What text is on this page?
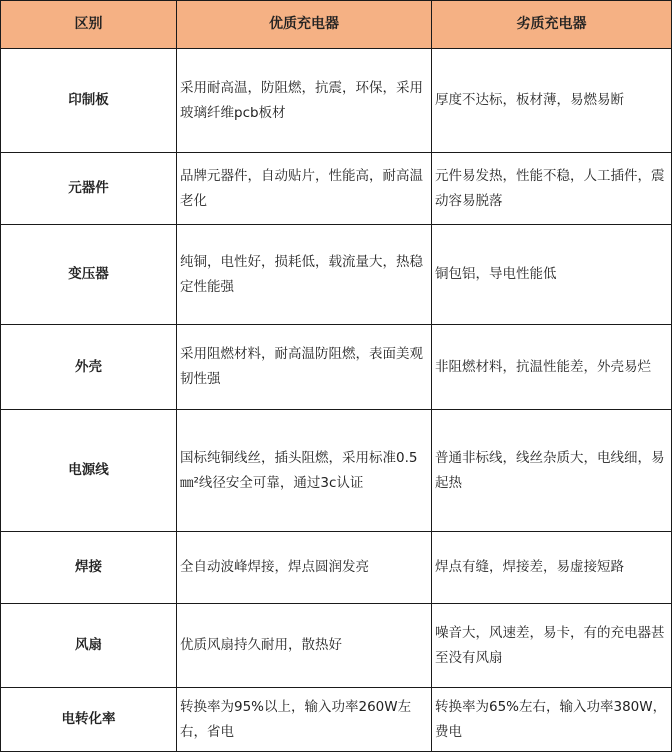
区别	优质充电器	劣质充电器
印制板	采用耐高温，防阻燃，抗震，环保，采用玻璃纤维pcb板材	厚度不达标，板材薄，易燃易断
元器件	品牌元器件，自动贴片，性能高，耐高温老化	元件易发热，性能不稳，人工插件，震动容易脱落
变压器	纯铜，电性好，损耗低，载流量大，热稳定性能强	铜包铝，导电性能低
外壳	采用阻燃材料，耐高温防阻燃，表面美观韧性强	非阻燃材料，抗温性能差，外壳易烂
电源线	国标纯铜线丝，插头阻燃，采用标准0.5㎜²线径安全可靠，通过3c认证	普通非标线，线丝杂质大，电线细，易起热
焊接	全自动波峰焊接，焊点圆润发亮	焊点有缝，焊接差，易虚接短路
风扇	优质风扇持久耐用，散热好	噪音大，风速差，易卡，有的充电器甚至没有风扇
电转化率	转换率为95%以上，输入功率260W左右，省电	转换率为65%左右，输入功率380W，费电
